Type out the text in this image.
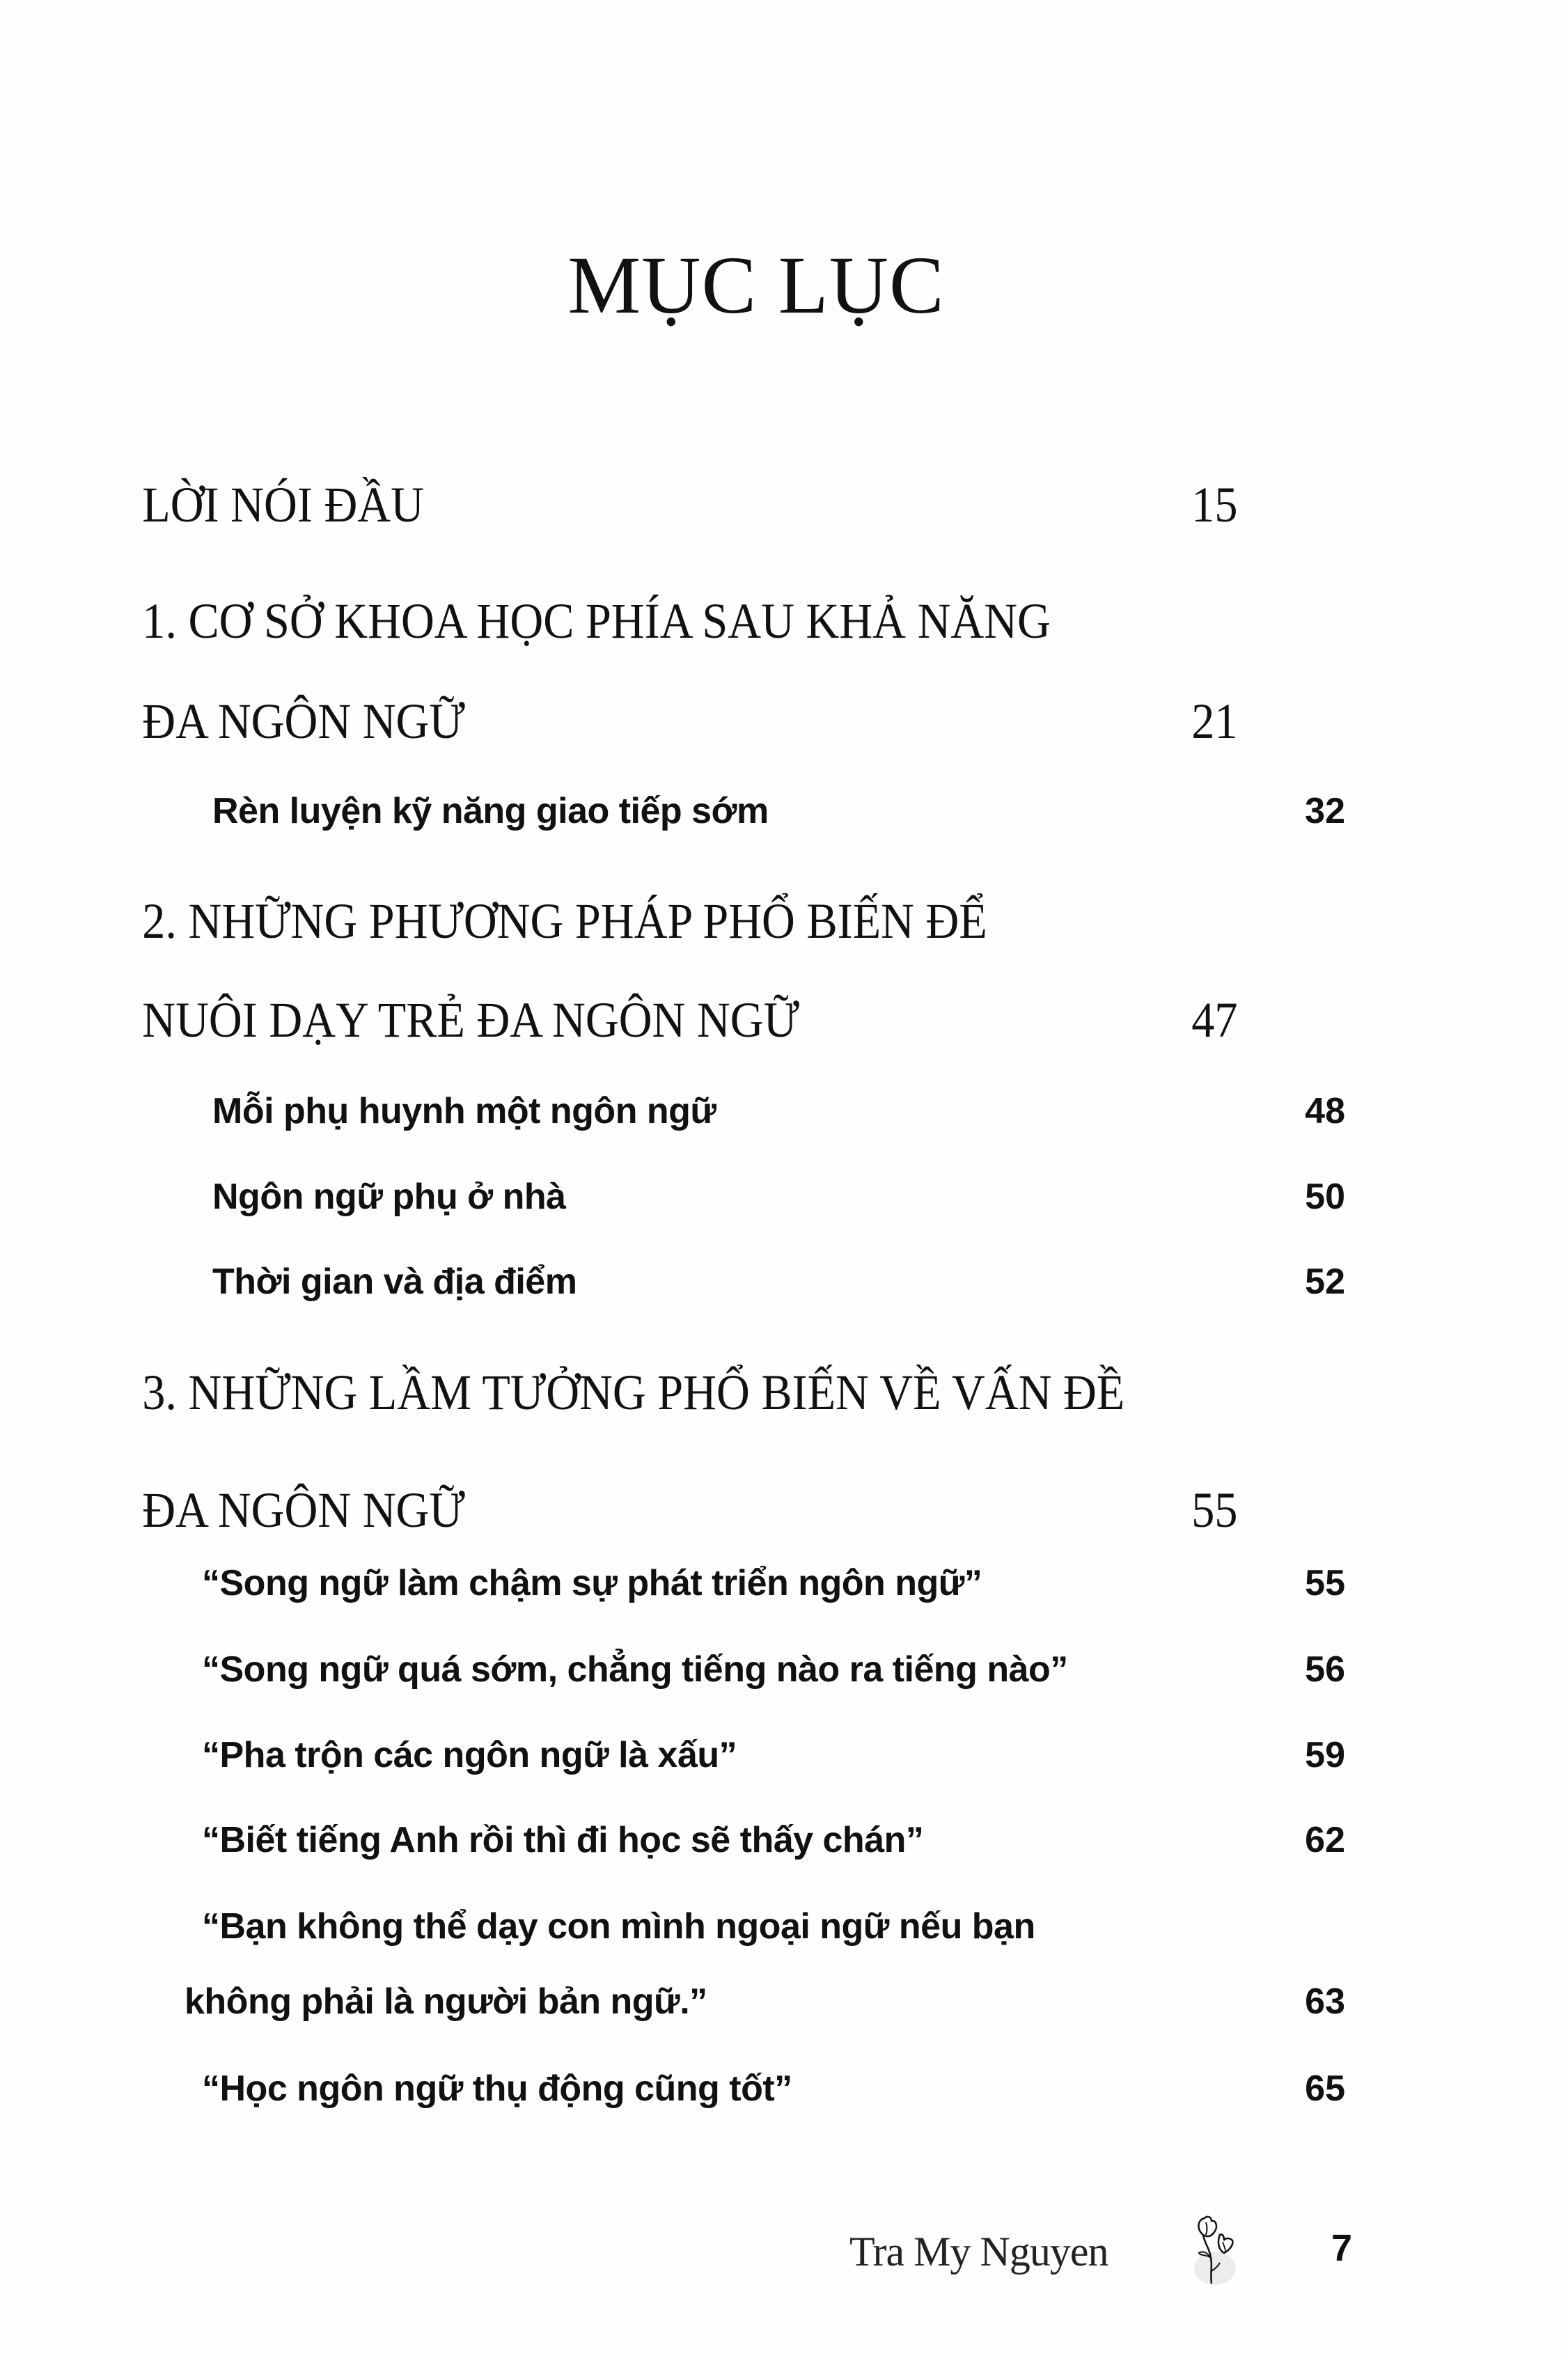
MỤC LỤC
LỜI NÓI ĐẦU	15
1. CƠ SỞ KHOA HỌC PHÍA SAU KHẢ NĂNG
ĐA NGÔN NGỮ	21
Rèn luyện kỹ năng giao tiếp sớm	32
2. NHỮNG PHƯƠNG PHÁP PHỔ BIẾN ĐỂ
NUÔI DẠY TRẺ ĐA NGÔN NGỮ	47
Mỗi phụ huynh một ngôn ngữ	48
Ngôn ngữ phụ ở nhà	50
Thời gian và địa điểm	52
3. NHỮNG LẦM TƯỞNG PHỔ BIẾN VỀ VẤN ĐỀ
ĐA NGÔN NGỮ	55
“Song ngữ làm chậm sự phát triển ngôn ngữ”	55
“Song ngữ quá sớm, chẳng tiếng nào ra tiếng nào”	56
“Pha trộn các ngôn ngữ là xấu”	59
“Biết tiếng Anh rồi thì đi học sẽ thấy chán”	62
“Bạn không thể dạy con mình ngoại ngữ nếu bạn
không phải là người bản ngữ.”	63
“Học ngôn ngữ thụ động cũng tốt”	65
Tra My Nguyen	7
